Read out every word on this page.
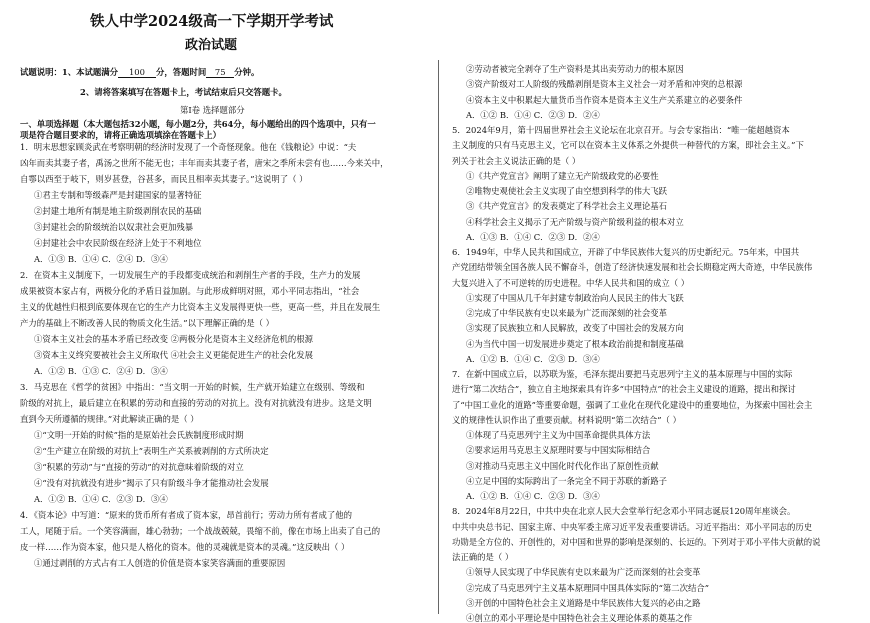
铁人中学2024级高一下学期开学考试
政治试题
试题说明：1、本试题满分 100 分，答题时间 75 分钟。
2、请将答案填写在答题卡上，考试结束后只交答题卡。
第Ⅰ卷 选择题部分
一、单项选择题（本大题包括32小题，每小题2分，共64分，每小题给出的四个选项中，只有一
项是符合题目要求的，请将正确选项填涂在答题卡上）
1．明末思想家顾炎武在考察明朝的经济时发现了一个奇怪现象。他在《钱粮论》中说：“夫
凶年而卖其妻子者，禹汤之世所不能无也；丰年而卖其妻子者，唐宋之季所未尝有也……今来关中，
自鄠以西至于岐下，则岁甚登，谷甚多，而民且相率卖其妻子。”这说明了（ ）
①君主专制和等级森严是封建国家的显著特征
②封建土地所有制是地主阶级剥削农民的基础
③封建社会的阶级统治以奴隶社会更加残暴
④封建社会中农民阶级在经济上处于不利地位
A．①③ B．①④ C．②④ D．③④
2．在资本主义制度下，一切发展生产的手段都变成统治和剥削生产者的手段，生产力的发展
成果被资本家占有，两极分化的矛盾日益加剧。与此形成鲜明对照，邓小平同志指出，“社会
主义的优越性归根到底要体现在它的生产力比资本主义发展得更快一些，更高一些，并且在发展生
产力的基础上不断改善人民的物质文化生活。”以下理解正确的是（ ）
①资本主义社会的基本矛盾已经改变 ②两极分化是资本主义经济危机的根源
③资本主义终究要被社会主义所取代 ④社会主义更能促进生产的社会化发展
A．①② B．①③ C．②④ D．③④
3．马克思在《哲学的贫困》中指出：“当文明一开始的时候，生产就开始建立在级别、等级和
阶级的对抗上，最后建立在积累的劳动和直接的劳动的对抗上。没有对抗就没有进步。这是文明
直到今天所遵循的规律。”对此解读正确的是（ ）
①“文明一开始的时候”指的是原始社会氏族制度形成时期
②“生产建立在阶级的对抗上”表明生产关系被剥削的方式所决定
③“积累的劳动”与“直接的劳动”的对抗意味着阶级的对立
④“没有对抗就没有进步”揭示了只有阶级斗争才能推动社会发展
A．①② B．①④ C．②③ D．③④
4．《资本论》中写道：“原来的货币所有者成了资本家，昂首前行；劳动力所有者成了他的
工人，尾随于后。一个笑容满面，雄心勃勃；一个战战兢兢，畏缩不前，像在市场上出卖了自己的
皮一样……作为资本家，他只是人格化的资本。他的灵魂就是资本的灵魂。”这反映出（ ）
①通过剥削的方式占有工人创造的价值是资本家笑容满面的重要原因
②劳动者被完全剥夺了生产资料是其出卖劳动力的根本原因
③资产阶级对工人阶级的残酷剥削是资本主义社会一对矛盾和冲突的总根源
④资本主义中积累起大量货币当作资本是资本主义生产关系建立的必要条件
A．①② B．①④ C．②③ D．②④
5．2024年9月，第十四届世界社会主义论坛在北京召开。与会专家指出：“唯一能超越资本
主义制度的只有马克思主义，它可以在资本主义体系之外提供一种替代的方案，即社会主义。”下
列关于社会主义说法正确的是（ ）
①《共产党宣言》阐明了建立无产阶级政党的必要性
②唯物史观使社会主义实现了由空想到科学的伟大飞跃
③《共产党宣言》的发表奠定了科学社会主义理论基石
④科学社会主义揭示了无产阶级与资产阶级利益的根本对立
A．①③ B．①④ C．②③ D．②④
6．1949年，中华人民共和国成立，开辟了中华民族伟大复兴的历史新纪元。75年来，中国共
产党团结带领全国各族人民不懈奋斗，创造了经济快速发展和社会长期稳定两大奇迹，中华民族伟
大复兴进入了不可逆转的历史进程。中华人民共和国的成立（ ）
①实现了中国从几千年封建专制政治向人民民主的伟大飞跃
②完成了中华民族有史以来最为广泛而深刻的社会变革
③实现了民族独立和人民解放，改变了中国社会的发展方向
④为当代中国一切发展进步奠定了根本政治前提和制度基础
A．①② B．①④ C．②③ D．③④
7．在新中国成立后，以苏联为鉴，毛泽东提出要把马克思列宁主义的基本原理与中国的实际
进行“第二次结合”，独立自主地探索具有许多“中国特点”的社会主义建设的道路，提出和探讨
了“中国工业化的道路”等重要命题，强调了工业化在现代化建设中的重要地位，为探索中国社会主
义的规律性认识作出了重要贡献。材料说明“第二次结合”（ ）
①体现了马克思列宁主义为中国革命提供具体方法
②要求运用马克思主义原理时要与中国实际相结合
③对推动马克思主义中国化时代化作出了原创性贡献
④立足中国的实际跨出了一条完全不同于苏联的新路子
A．①② B．①④ C．②③ D．③④
8．2024年8月22日，中共中央在北京人民大会堂举行纪念邓小平同志诞辰120周年座谈会。
中共中央总书记、国家主席、中央军委主席习近平发表重要讲话。习近平指出：邓小平同志的历史
功勋是全方位的、开创性的，对中国和世界的影响是深刻的、长远的。下列对于邓小平伟大贡献的说
法正确的是（ ）
①领导人民实现了中华民族有史以来最为广泛而深刻的社会变革
②完成了马克思列宁主义基本原理同中国具体实际的“第二次结合”
③开创的中国特色社会主义道路是中华民族伟大复兴的必由之路
④创立的邓小平理论是中国特色社会主义理论体系的奠基之作
